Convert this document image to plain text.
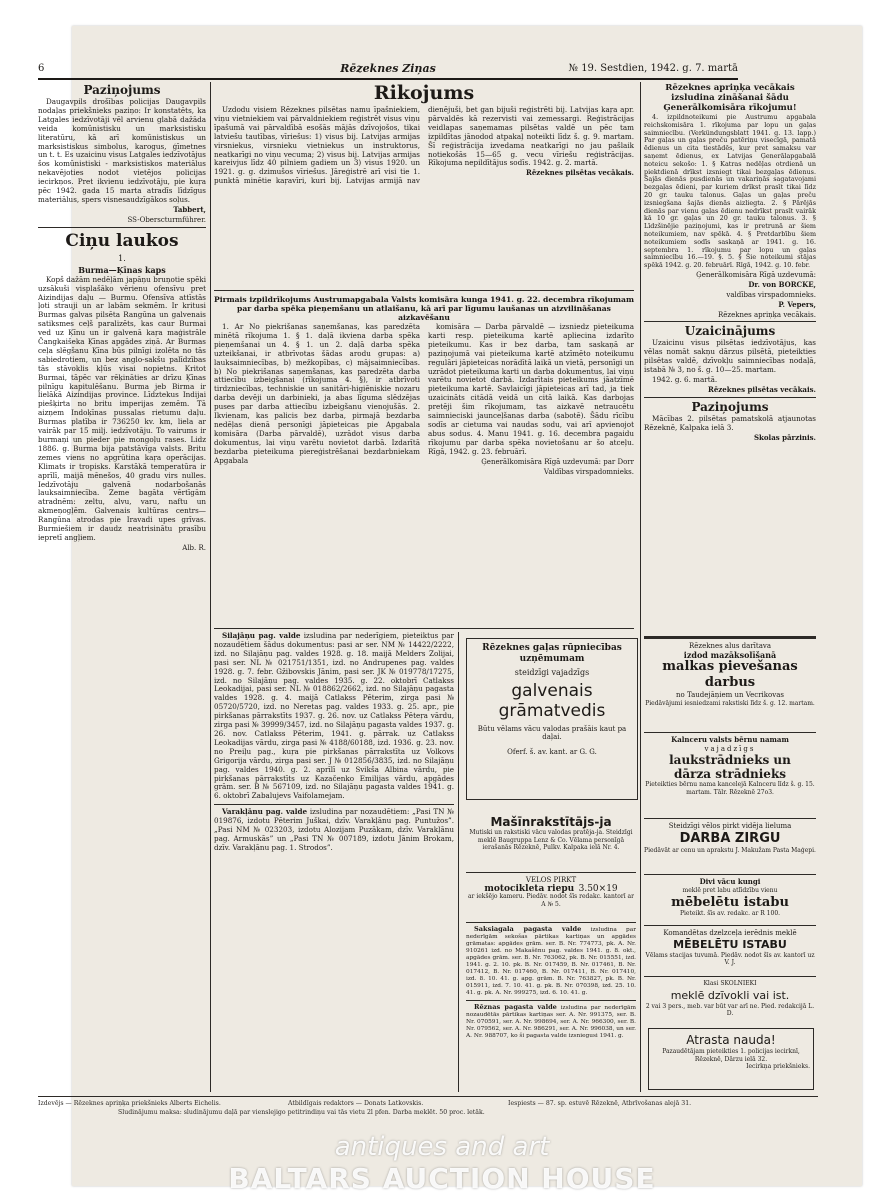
6	Rēzeknes Ziņas	№ 19. Sestdien, 1942. g. 7. martā
Paziņojums

Daugavpils drošības policijas Daugavpils nodaļas priekšnieks paziņo: Ir konstatēts, ka Latgales iedzīvotāji vēl arvienu glabā dažāda veida komūnistisku un marksistisku literatūru, kā arī komūnistiskus un marksistiskus simbolus, karogus, ģīmetnes un t. t. Es uzaicinu visus Latgales iedzīvotājus šos komūnistiski - marksistiskos materiālus nekavējoties nodot vietējos policijas iecirkņos. Pret ikvienu iedzīvotāju, pie kuŗa pēc 1942. gada 15 marta atradīs līdzīgus materiālus, spers visnesaudzīgākos soļus.

Tabbert,

SS-Oberscturmführer.

Ciņu laukos
1.
Burma—Ķīnas kaps

Kopš dažām nedēļām japāņu bruņotie spēki uzsākuši visplašāko vērienu ofensīvu pret Aizindijas daļu — Burmu. Ofensīva attīstās ļoti strauji un ar labām sekmēm. Ir kritusi Burmas galvas pilsēta Rangūna un galvenais satiksmes ceļš paralizēts, kas caur Burmai ved uz Ķīnu un ir galvenā kaŗa maģistrāle Čangkaišeka Ķīnas apgādes ziņā. Ar Burmas ceļa slēgšanu Ķīna būs pilnīgi izolēta no tās sabiedrotiem, un bez anglo-sakšu palīdzības tās stāvoklis kļūs visai nopietns. Kritot Burmai, tāpēc var rēķināties ar drīzu Ķīnas pilnīgu kapitulēšanu. Burma jeb Birma ir lielākā Aizindijas province. Līdztekus Indijai piešķirta no britu imperijas zemēm. Tā aizņem Indoķīnas pussalas rietumu daļu. Burmas platība ir 736250 kv. km, liela ar vairāk par 15 milj. iedzīvotāju. To vairums ir burmaņi un pieder pie mongoļu rases. Lidz 1886. g. Burma bija patstāvīga valsts. Britu zemes viens no apgrūtina kaŗa operācijas. Klimats ir tropisks. Karstākā temperatūra ir aprīlī, maijā mēnešos, 40 gradu virs nulles. Iedzīvotāju galvenā nodarbošanās lauksaimniecība. Zeme bagāta vērtīgām atradnēm: zeltu, alvu, varu, naftu un akmeņogļēm. Galvenais kultūras centrs—Rangūna atrodas pie Iravadi upes grīvas. Burmiešiem ir daudz neatrisinātu prasību iepretī angļiem.

Alb. R.

Rikojums

Uzdodu visiem Rēzeknes pilsētas namu īpašniekiem, viņu vietniekiem vai pārvaldniekiem reģistrēt visus viņu īpašumā vai pārvaldībā esošās mājās dzīvojošos, tikai latviešu tautības, vīriešus: 1) visus bij. Latvijas armijas virsniekus, virsnieku vietniekus un instruktorus, neatkarīgi no viņu vecuma; 2) visus bij. Latvijas armijas kareivjus līdz 40 pilniem gadiem un 3) visus 1920. un 1921. g. g. dzimušos vīriešus. Jāreģistrē arī visi tie 1. punktā minētie kaŗavīri, kuri bij. Latvijas armijā nav dienējuši, bet gan bijuši reģistrēti bij. Latvijas kaŗa apr. pārvaldēs kā rezervisti vai zemessargi. Reģistrācijas veidlapas saņemamas pilsētas valdē un pēc tam izpildītas jānodod atpakaļ noteikti līdz š. g. 9. martam. Šī reģistrācija izvedama neatkarīgi no jau pašlaik notiekošās 15—65 g. vecu vīriešu reģistrācijas. Rīkojuma nepildītājus sodīs. 1942. g. 2. martā.

Rēzeknes pilsētas vecākais.

Pirmais izpildrīkojums Austrumapgabala Valsts komisāra kunga 1941. g. 22. decembra rīkojumam par darba spēka pieņemšanu un atlaišanu, kā arī par līgumu laušanas un aizvilināšanas aizkavēšanu

1. Ar No piekrišanas saņemšanas, kas paredzēta minētā rīkojuma 1. § 1. daļā ikviena darba spēka pieņemšanai un 4. § 1. un 2. daļā darba spēka uzteikšanai, ir atbrīvotas šādas arodu grupas: a) lauksaimniecības, b) mežkopības, c) mājsaimniecības. b) No piekrišanas saņemšanas, kas paredzēta darba attiecību izbeigšanai (rīkojuma 4. §), ir atbrīvoti tirdzniecības, techniskie un sanitāri-higiēniskie nozaru darba devēji un darbinieki, ja abas līguma slēdzējas puses par darba attiecību izbeigšanu vienojušās. 2. Ikvienam, kas palicis bez darba, pirmajā bezdarba nedēļas dienā personīgi jāpieteicas pie Apgabala komisāra (Darba pārvaldē), uzrādot visus darba dokumentus, lai viņu varētu novietot darbā. Izdarītā bezdarba pieteikuma piereģistrēšanai bezdarbniekam Apgabala

komisāra — Darba pārvaldē — izsniedz pieteikuma karti resp. pieteikuma kartē apliecina izdarīto pieteikumu. Kas ir bez darba, tam saskaņā ar paziņojumā vai pieteikuma kartē atzīmēto noteikumu regulāri jāpieteicas norādītā laikā un vietā, personīgi un uzrādot pieteikuma karti un darba dokumentus, lai viņu varētu novietot darbā. Izdarītais pieteikums jāatzīmē pieteikuma kartē. Savlaicīgi jāpieteicas arī tad, ja tiek uzaicināts citādā veidā un citā laikā. Kas darbojas pretēji šim rīkojumam, tas aizkavē netraucētu saimnieciski jaunceļšanas darba (sabotē). Šādu rīcību sodīs ar cietuma vai naudas sodu, vai arī apvienojot abus sodus. 4. Manu 1941. g. 16. decembra pagaidu rīkojumu par darba spēka novietošanu ar šo atceļu. Rīgā, 1942. g. 23. februārī.

Ģenerālkomisāra Rīgā uzdevumā: par Dorr

Valdības virspadomnieks.

Silajāņu pag. valde izsludina par nederīgiem, pieteiktus par nozaudētiem šādus dokumentus: pasi ar ser. NM № 14422/2222, izd. no Silajāņu pag. valdes 1928. g. 18. maijā Melders Zolijai, pasi ser. NL № 021751/1351, izd. no Andrupenes pag. valdes 1928. g. 7. febr. Gžibovskis Jānim, pasi ser. JK № 019778/17275, izd. no Silajāņu pag. valdes 1935. g. 22. oktobrī Catlakss Leokadijai, pasi ser. NL № 018862/2662, izd. no Silajāņu pagasta valdes 1928. g. 4. maijā Catlakss Pēterim, zirga pasi № 05720/5720, izd. no Neretas pag. valdes 1933. g. 25. apr., pie pirkšanas pārrakstīts 1937. g. 26. nov. uz Catlakss Pēteŗa vārdu, zirga pasi № 39999/3457, izd. no Silajāņu pagasta valdes 1937. g. 26. nov. Catlakss Pēterim, 1941. g. pārrak. uz Catlakss Leokadijas vārdu, zirga pasi № 4188/60188, izd. 1936. g. 23. nov. no Preiļu pag., kuŗa pie pirkšanas pārrakstīta uz Volkovs Grigorija vārdu, zirga pasi ser. J № 012856/3835, izd. no Silajāņu pag. valdes 1940. g. 2. aprīlī uz Svikša Albina vārdu, pie pirkšanas pārrakstīts uz Kazačenko Emilijas vārdu, apgādes grām. ser. B № 567109, izd. no Silajāņu pagasta valdes 1941. g. 6. oktobrī Zabalujevs Vaifolamejam.

Varakļānu pag. valde izsludina par nozaudētiem: „Pasi TN № 019876, izdotu Pēterim Juškai, dzīv. Varakļānu pag. Puntužos”. „Pasi NM № 023203, izdotu Alozijam Puzākam, dzīv. Varakļānu pag. Armuskās” un „Pasi TN № 007189, izdotu Jānim Brokam, dzīv. Varakļānu pag. 1. Strodos”.

Rēzeknes gaļas rūpniecības uzņēmumam
steidzīgi vajadzīgs
galvenais grāmatvedis
Būtu vēlams vācu valodas prašāis kaut pa daļai.
Oferf. š. av. kant. ar G. G.
Mašīnrakstītājs-ja
Mutiski un rakstiski vācu valodas pratēja-ja. Steidzīgi meklē Baugruppa Lenz & Co. Vēlama personīgā ierašanās Rēzeknē, Pulkv. Kalpaka ielā Nr. 4.
VĒLOS PIRKT
motocikleta riepu 3.50×19
ar iekšējo kameru. Piedāv. nodot šīs redakc. kantorī ar A № 5.

Saksiagala pagasta valde izsludina par nederīgām sekošas pārtikas kartiņas un apgādes grāmatas: apgādes grām. ser. B. Nr. 774773, pk. A. Nr. 910261 izd. no Makašēnu pag. valdes 1941. g. 8. okt., apgādes grām. ser. B. Nr. 763062, pk. B. Nr. 015551, izd. 1941. g. 2. 10. pk. B. Nr. 017459, B. Nr. 017461, B. Nr. 017412, B. Nr. 017460, B. Nr. 017411, B. Nr. 017410, izd. 8. 10. 41. g. apg. grām. B. Nr. 763827, pk. B. Nr. 015911, izd. 7. 10. 41. g. pk. B. Nr. 070398, izd. 25. 10. 41. g. pk. A. Nr. 999275, izd. 6. 10. 41. g.

Rēznas pagasta valde izsludina par nederīgām nozaudētās pārtikas kartiņas ser. A. Nr. 991375, ser. B. Nr. 070591, ser. A. Nr. 998694, ser. A. Nr. 966300, ser. B. Nr. 079562, ser. A. Nr. 986291, ser. A. Nr. 996038, un ser. A. Nr. 988707, ko ši pagasta valde izsniegusi 1941. g.

Rēzeknes apriņķa vecākais izsludina zināšanai šādu Ģenerālkomisāra rīkojumu!

4. izpildnoteikumi pie Austrumu apgabala reichskomisāra 1. rīkojuma par lopu un gaļas saimniecību. (Verkündungsblatt 1941. g. 13. lapp.) Par gaļas un gaļas preču patēriņu visecīgā, pamatā ēdienus un cita tiestādēs, kur pret samaksu var saņemt ēdienus, ex Latvijas Ģenerālapgabalā noteicu sekošo: 1. § Katras nedēļas otrdienā un piektdienā drīkst izsniegt tikai bezgaļas ēdienus. Šajās dienās pusdienās un vakariņās sagatavojami bezgaļas ēdieni, par kuriem drīkst prasīt tikai līdz 20 gr. tauku talonus. Gaļas un gaļas preču izsniegšana šajās dienās aizliegta. 2. § Pārējās dienās par vienu gaļas ēdienu nedrīkst prasīt vairāk kā 10 gr. gaļas un 20 gr. tauku talonus. 3. § Līdzšinējie paziņojumi, kas ir pretrunā ar šiem noteikumiem, nav spēkā. 4. § Pretdarbību šiem noteikumiem sodīs saskaņā ar 1941. g. 16. septembra 1. rīkojumu par lopu un gaļas saimniecību 16.—19. §. 5. § Šie noteikumi stājas spēkā 1942. g. 20. februārī. Rīgā, 1942. g. 10. febr.

Ģenerālkomisāra Rīgā uzdevumā:

Dr. von BORCKE,

valdības virspadomnieks.

P. Vepers,

Rēzeknes apriņķa vecākais.

Uzaicinājums

Uzaicinu visus pilsētas iedzīvotājus, kas vēlas nomāt sakņu dārzus pilsētā, pieteikties pilsētas valdē, dzīvokļu saimniecības nodaļā, istabā № 3, no š. g. 10—25. martam.

1942. g. 6. martā.

Rēzeknes pilsētas vecākais.

Paziņojums

Mācības 2. pilsētas pamatskolā atjaunotas Rēzeknē, Kalpaka ielā 3.

Skolas pārzinis.

Rēzeknes alus darītava
izdod mazāksolīšanā
malkas pievešanas darbus
no Taudejāņiem un Vecrikovas
Piedāvājumi iesniedzami rakstiski līdz š. g. 12. martam.
Kalnceru valsts bērnu namam
vajadzīgs
laukstrādnieks un
dārza strādnieks
Pieteikties bērnu nama kancelejā Kalnceru līdz š. g. 15. martam. Tālr. Rēzeknē 27o3.
Steidzīgi vēlos pirkt vidēja lieluma
DARBA ZIRGU
Piedāvāt ar cenu un aprakstu J. Makužam Pasta Maģepi.
Divi vācu kungi
meklē pret labu atlīdzību vienu
mēbelētu istabu
Pieteikt. šīs av. redakc. ar R 100.
Komandētas dzelzceļa ierēdnis meklē
MĒBELĒTU ISTABU
Vēlams stacijas tuvumā. Piedāv. nodot šīs av. kantorī uz V. J.
Klasi SKOLNIEKI
meklē dzīvokli vai ist.
2 vai 3 pers., meb. var būt var arī ne. Pied. redakcijā L. D.
Atrasta nauda!
Pazaudētājam pieteikties 1. policijas iecirknī, Rēzeknē, Dārzu ielā 32.
Iecirkņa priekšnieks.
Izdevējs — Rēzeknes apriņķa priekšnieks Alberts Eichelis.	Atbildīgais redaktors — Donats Latkovskis.	Iespiests — 87. sp. estuvē Rēzeknē, Atbrīvošanas alejā 31.
Sludinājumu maksa: sludinājumu daļā par vienslejigo petitrindiņu vai tās vietu 2l pfen. Darba meklēt. 50 proc. letāk.
antiques and art
BALTARS AUCTION HOUSE
